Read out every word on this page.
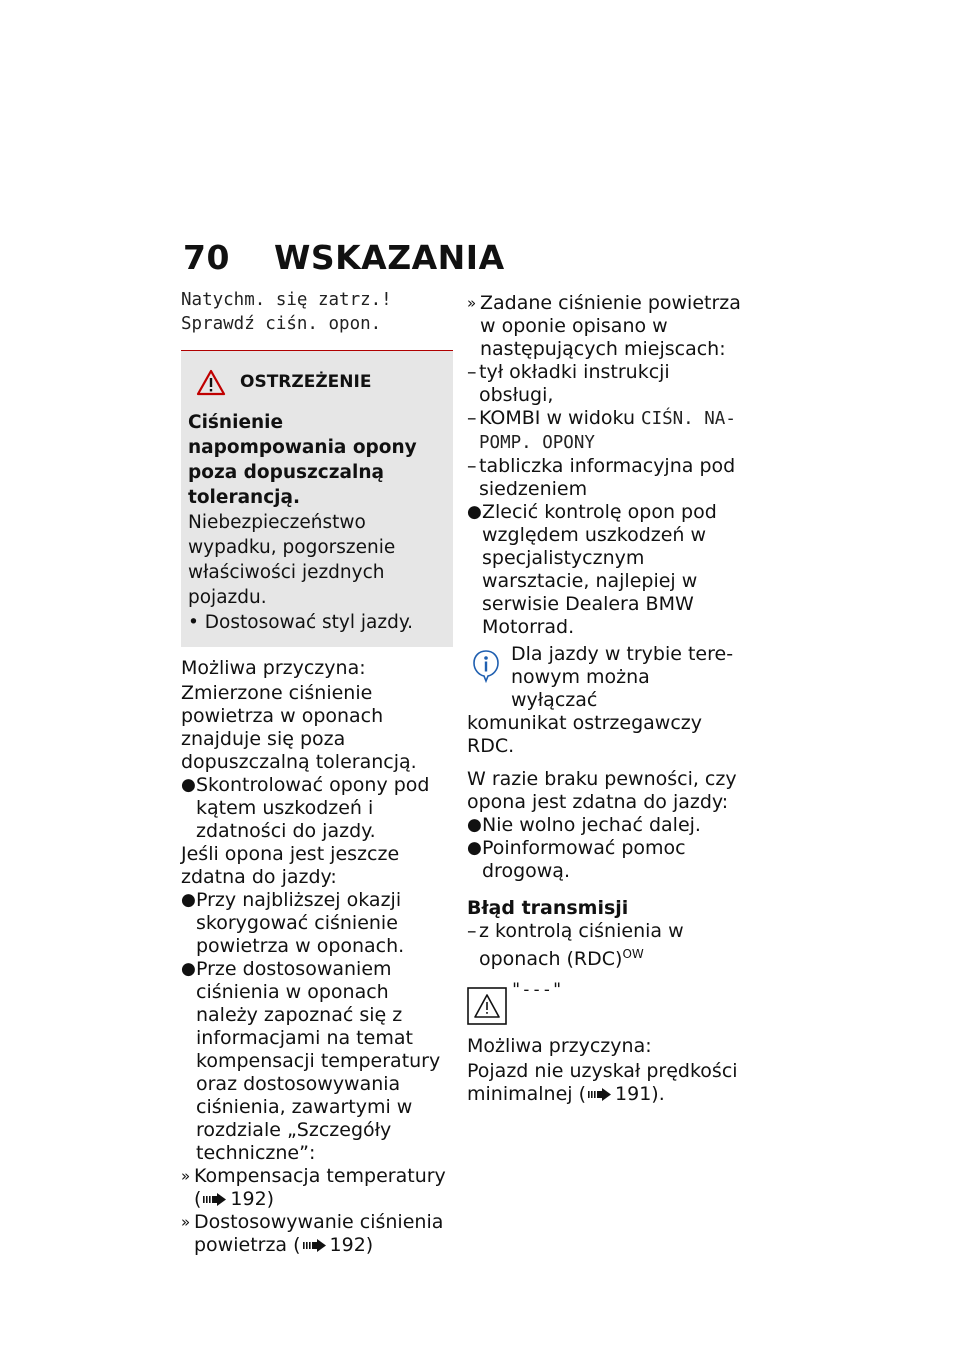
70 WSKAZANIA
Natychm. się zatrz.!
Sprawdź ciśn. opon.
OSTRZEŻENIE
Ciśnienie napompowania opony poza dopuszczalną tolerancją.
Niebezpieczeństwo wypadku, pogorszenie właściwości jezdnych pojazdu.
• Dostosować styl jazdy.

Możliwa przyczyna:

Zmierzone ciśnienie powietrza w oponach znajduje się poza dopuszczalną tolerancją.

● Skontrolować opony pod kątem uszkodzeń i zdatności do jazdy.

Jeśli opona jest jeszcze zdatna do jazdy:

● Przy najbliższej okazji skorygować ciśnienie powietrza w oponach.
● Prze dostosowaniem ciśnienia w oponach należy zapoznać się z informacjami na temat kompensacji temperatury oraz dostosowywania ciśnienia, zawartymi w rozdziale „Szczegóły techniczne”:
» Kompensacja temperatury ( 192)
» Dostosowywanie ciśnienia powietrza ( 192)
» Zadane ciśnienie powietrza w oponie opisano w następujących miejscach:
– tył okładki instrukcji obsługi,
– KOMBI w widoku CIŚN. NA-POMP. OPONY
– tabliczka informacyjna pod siedzeniem
● Zlecić kontrolę opon pod względem uszkodzeń w specjalistycznym warsztacie, najlepiej w serwisie Dealera BMW Motorrad.
Dla jazdy w trybie tere-
nowym można wyłączać
komunikat ostrzegawczy RDC.

W razie braku pewności, czy opona jest zdatna do jazdy:

● Nie wolno jechać dalej.
● Poinformować pomoc drogową.
Błąd transmisji
– z kontrolą ciśnienia w oponach (RDC)$^{OW}$
"---"

Możliwa przyczyna:

Pojazd nie uzyskał prędkości minimalnej ( 191).
